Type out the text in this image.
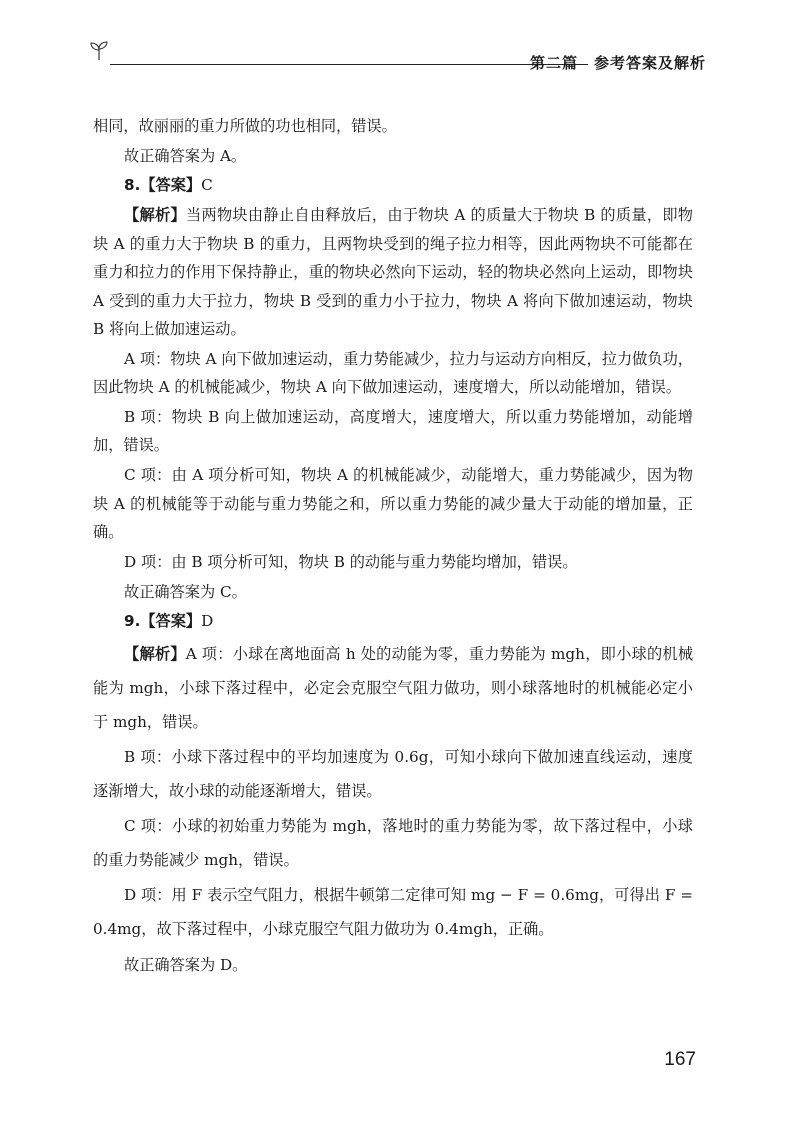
第二篇　参考答案及解析

相同，故丽丽的重力所做的功也相同，错误。

故正确答案为 A。

8.【答案】C

【解析】当两物块由静止自由释放后，由于物块 A 的质量大于物块 B 的质量，即物块 A 的重力大于物块 B 的重力，且两物块受到的绳子拉力相等，因此两物块不可能都在重力和拉力的作用下保持静止，重的物块必然向下运动，轻的物块必然向上运动，即物块 A 受到的重力大于拉力，物块 B 受到的重力小于拉力，物块 A 将向下做加速运动，物块 B 将向上做加速运动。

A 项：物块 A 向下做加速运动，重力势能减少，拉力与运动方向相反，拉力做负功，因此物块 A 的机械能减少，物块 A 向下做加速运动，速度增大，所以动能增加，错误。

B 项：物块 B 向上做加速运动，高度增大，速度增大，所以重力势能增加，动能增加，错误。

C 项：由 A 项分析可知，物块 A 的机械能减少，动能增大，重力势能减少，因为物块 A 的机械能等于动能与重力势能之和，所以重力势能的减少量大于动能的增加量，正确。

D 项：由 B 项分析可知，物块 B 的动能与重力势能均增加，错误。

故正确答案为 C。

9.【答案】D

【解析】A 项：小球在离地面高 h 处的动能为零，重力势能为 mgh，即小球的机械能为 mgh，小球下落过程中，必定会克服空气阻力做功，则小球落地时的机械能必定小于 mgh，错误。

B 项：小球下落过程中的平均加速度为 0.6g，可知小球向下做加速直线运动，速度逐渐增大，故小球的动能逐渐增大，错误。

C 项：小球的初始重力势能为 mgh，落地时的重力势能为零，故下落过程中，小球的重力势能减少 mgh，错误。

D 项：用 F 表示空气阻力，根据牛顿第二定律可知 mg − F = 0.6mg，可得出 F = 0.4mg，故下落过程中，小球克服空气阻力做功为 0.4mgh，正确。

故正确答案为 D。

167
